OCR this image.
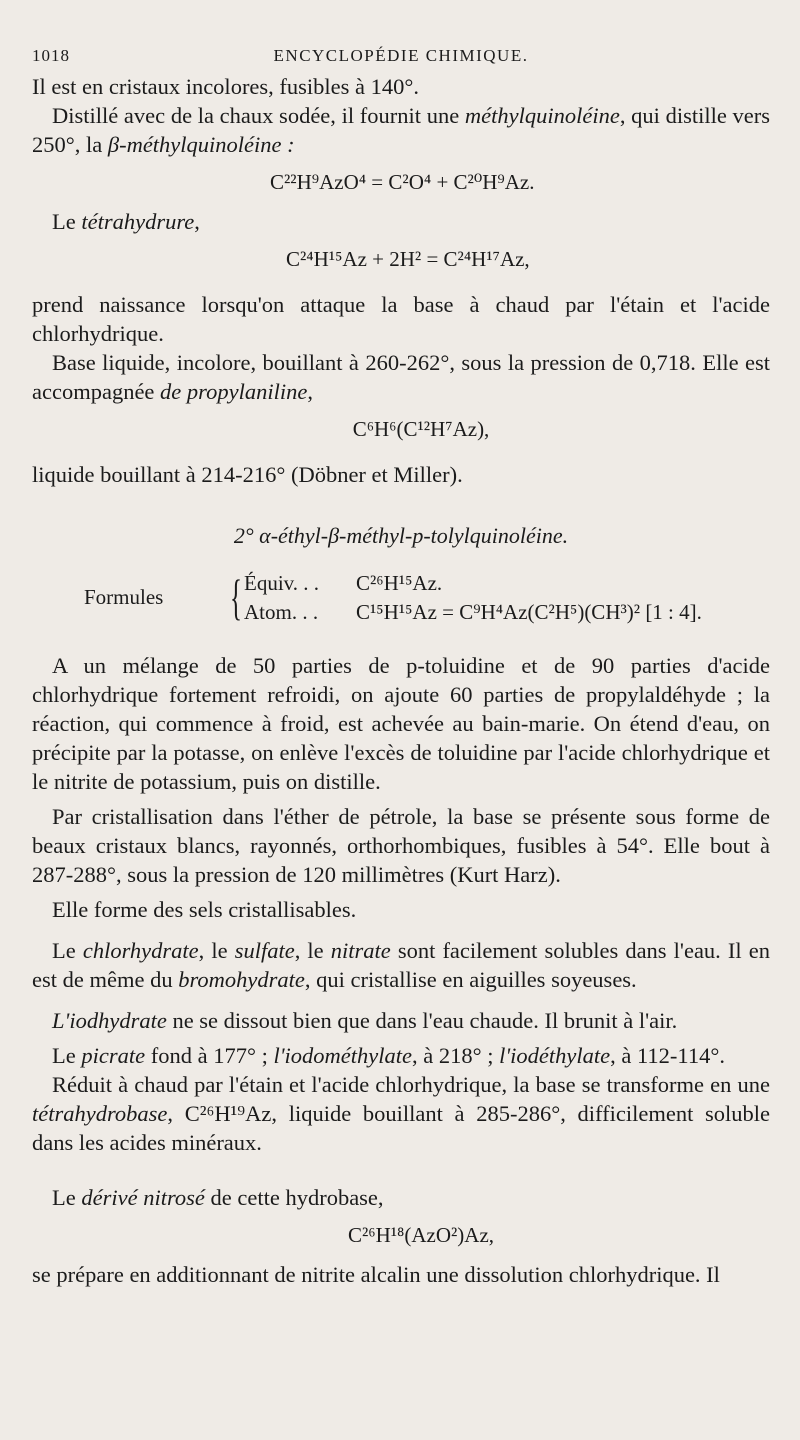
1018	ENCYCLOPÉDIE CHIMIQUE.

Il est en cristaux incolores, fusibles à 140°.

Distillé avec de la chaux sodée, il fournit une méthylquinoléine, qui distille vers 250°, la β-méthylquinoléine :

C²²H⁹AzO⁴ = C²O⁴ + C²⁰H⁹Az.

Le tétrahydrure,

C²⁴H¹⁵Az + 2H² = C²⁴H¹⁷Az,

prend naissance lorsqu'on attaque la base à chaud par l'étain et l'acide chlorhydrique.

Base liquide, incolore, bouillant à 260-262°, sous la pression de 0,718. Elle est accompagnée de propylaniline,

C⁶H⁶(C¹²H⁷Az),

liquide bouillant à 214-216° (Döbner et Miller).

2° α-éthyl-β-méthyl-p-tolylquinoléine.
Formules { Équiv. . . C²⁶H¹⁵Az.
Atom. . . C¹⁵H¹⁵Az = C⁹H⁴Az(C²H⁵)(CH³)² [1 : 4].

A un mélange de 50 parties de p-toluidine et de 90 parties d'acide chlorhydrique fortement refroidi, on ajoute 60 parties de propylaldéhyde ; la réaction, qui commence à froid, est achevée au bain-marie. On étend d'eau, on précipite par la potasse, on enlève l'excès de toluidine par l'acide chlorhydrique et le nitrite de potassium, puis on distille.

Par cristallisation dans l'éther de pétrole, la base se présente sous forme de beaux cristaux blancs, rayonnés, orthorhombiques, fusibles à 54°. Elle bout à 287-288°, sous la pression de 120 millimètres (Kurt Harz).

Elle forme des sels cristallisables.

Le chlorhydrate, le sulfate, le nitrate sont facilement solubles dans l'eau. Il en est de même du bromohydrate, qui cristallise en aiguilles soyeuses.

L'iodhydrate ne se dissout bien que dans l'eau chaude. Il brunit à l'air.

Le picrate fond à 177° ; l'iodométhylate, à 218° ; l'iodéthylate, à 112-114°.

Réduit à chaud par l'étain et l'acide chlorhydrique, la base se transforme en une tétrahydrobase, C²⁶H¹⁹Az, liquide bouillant à 285-286°, difficilement soluble dans les acides minéraux.

Le dérivé nitrosé de cette hydrobase,

C²⁶H¹⁸(AzO²)Az,

se prépare en additionnant de nitrite alcalin une dissolution chlorhydrique. Il
